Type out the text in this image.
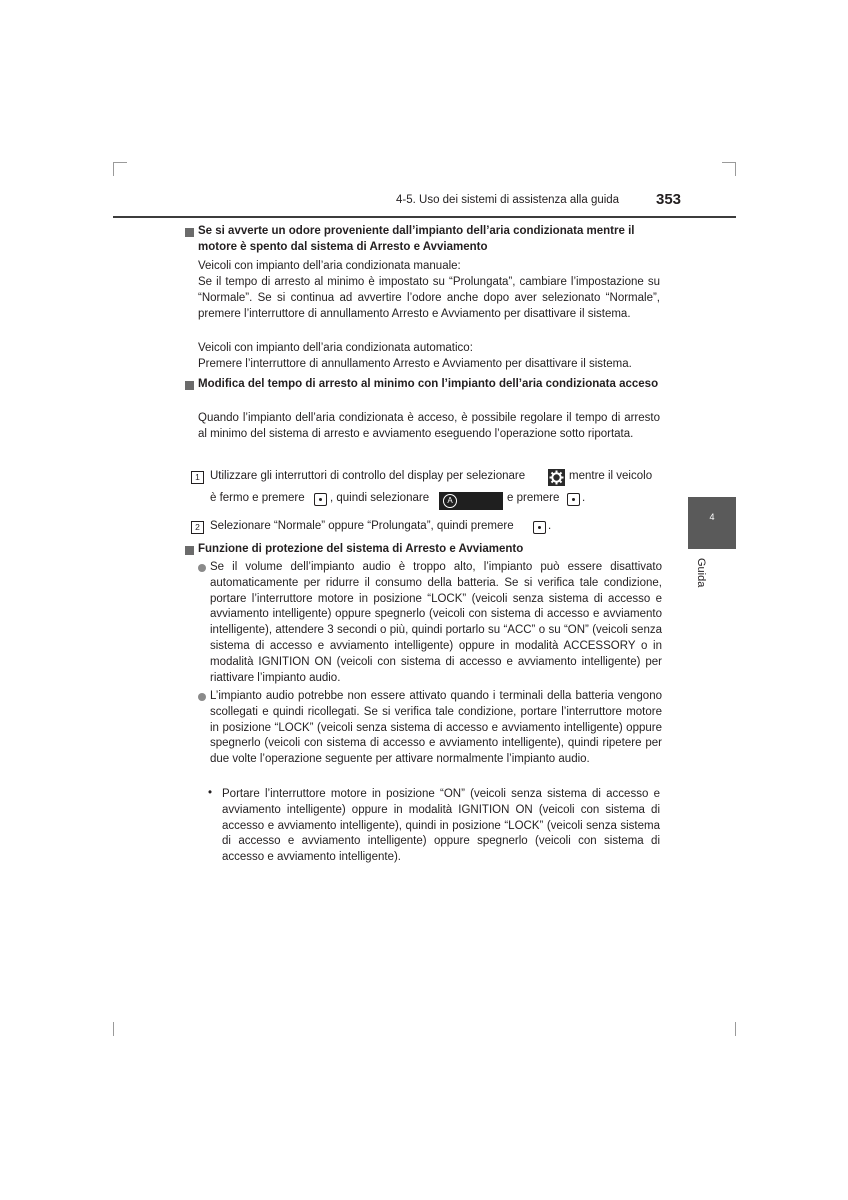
4-5. Uso dei sistemi di assistenza alla guida 353
4
Guida
Se si avverte un odore proveniente dall’impianto dell’aria condizionata mentre il motore è spento dal sistema di Arresto e Avviamento
Veicoli con impianto dell’aria condizionata manuale:
Se il tempo di arresto al minimo è impostato su “Prolungata”, cambiare l’impostazione su “Normale”. Se si continua ad avvertire l’odore anche dopo aver selezionato “Normale”, premere l’interruttore di annullamento Arresto e Avviamento per disattivare il sistema.
Veicoli con impianto dell’aria condizionata automatico:
Premere l’interruttore di annullamento Arresto e Avviamento per disattivare il sistema.
Modifica del tempo di arresto al minimo con l’impianto dell’aria condizionata acceso
Quando l’impianto dell’aria condizionata è acceso, è possibile regolare il tempo di arresto al minimo del sistema di arresto e avviamento eseguendo l’operazione sotto riportata.
1 Utilizzare gli interruttori di controllo del display per selezionare	mentre il veicolo
è fermo e premere , quindi selezionare	A	e premere .
2 Selezionare “Normale” oppure “Prolungata”, quindi premere	.
Funzione di protezione del sistema di Arresto e Avviamento
Se il volume dell’impianto audio è troppo alto, l’impianto può essere disattivato automaticamente per ridurre il consumo della batteria. Se si verifica tale condizione, portare l’interruttore motore in posizione “LOCK” (veicoli senza sistema di accesso e avviamento intelligente) oppure spegnerlo (veicoli con sistema di accesso e avviamento intelligente), attendere 3 secondi o più, quindi portarlo su “ACC” o su “ON” (veicoli senza sistema di accesso e avviamento intelligente) oppure in modalità ACCESSORY o in modalità IGNITION ON (veicoli con sistema di accesso e avviamento intelligente) per riattivare l’impianto audio.
L’impianto audio potrebbe non essere attivato quando i terminali della batteria vengono scollegati e quindi ricollegati. Se si verifica tale condizione, portare l’interruttore motore in posizione “LOCK” (veicoli senza sistema di accesso e avviamento intelligente) oppure spegnerlo (veicoli con sistema di accesso e avviamento intelligente), quindi ripetere per due volte l’operazione seguente per attivare normalmente l’impianto audio.
• Portare l’interruttore motore in posizione “ON” (veicoli senza sistema di accesso e avviamento intelligente) oppure in modalità IGNITION ON (veicoli con sistema di accesso e avviamento intelligente), quindi in posizione “LOCK” (veicoli senza sistema di accesso e avviamento intelligente) oppure spegnerlo (veicoli con sistema di accesso e avviamento intelligente).
